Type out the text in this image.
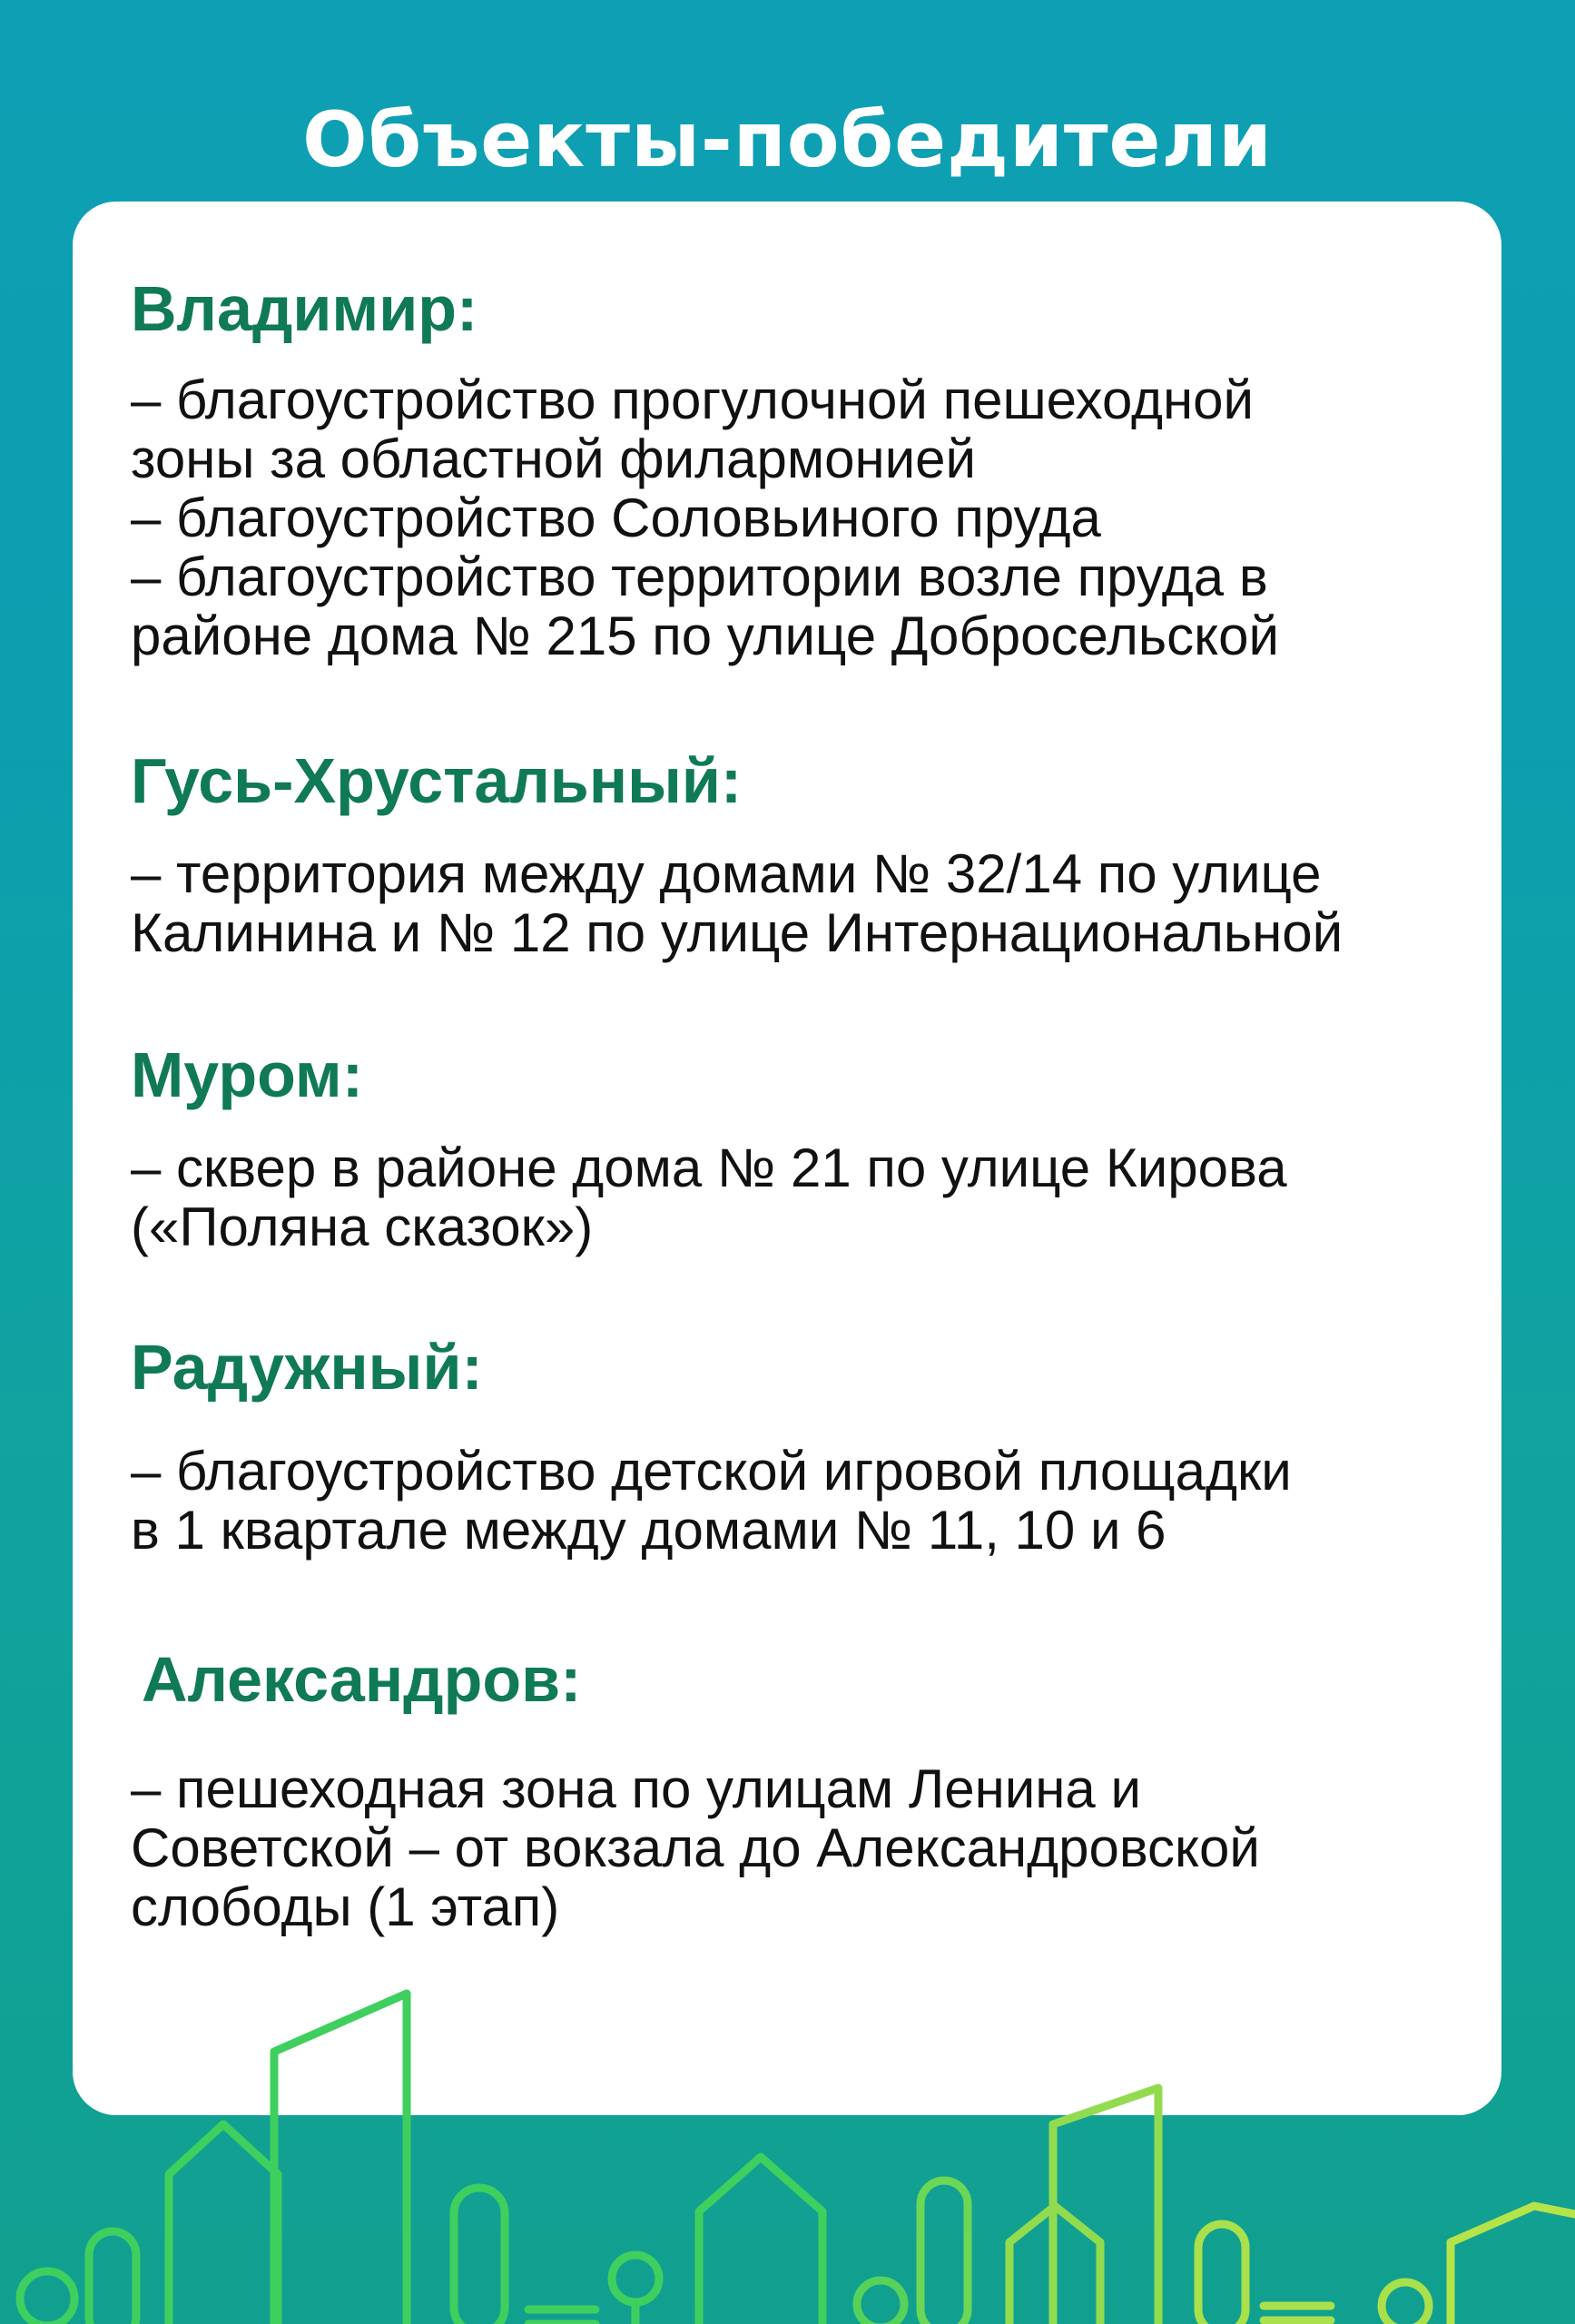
Объекты-победители
Владимир:
– благоустройство прогулочной пешеходной
зоны за областной филармонией
– благоустройство Соловьиного пруда
– благоустройство территории возле пруда в
районе дома № 215 по улице Добросельской
Гусь-Хрустальный:
– территория между домами № 32/14 по улице
Калинина и № 12 по улице Интернациональной
Муром:
– сквер в районе дома № 21 по улице Кирова
(«Поляна сказок»)
Радужный:
– благоустройство детской игровой площадки
в 1 квартале между домами № 11, 10 и 6
Александров:
– пешеходная зона по улицам Ленина и
Советской – от вокзала до Александровской
слободы (1 этап)
